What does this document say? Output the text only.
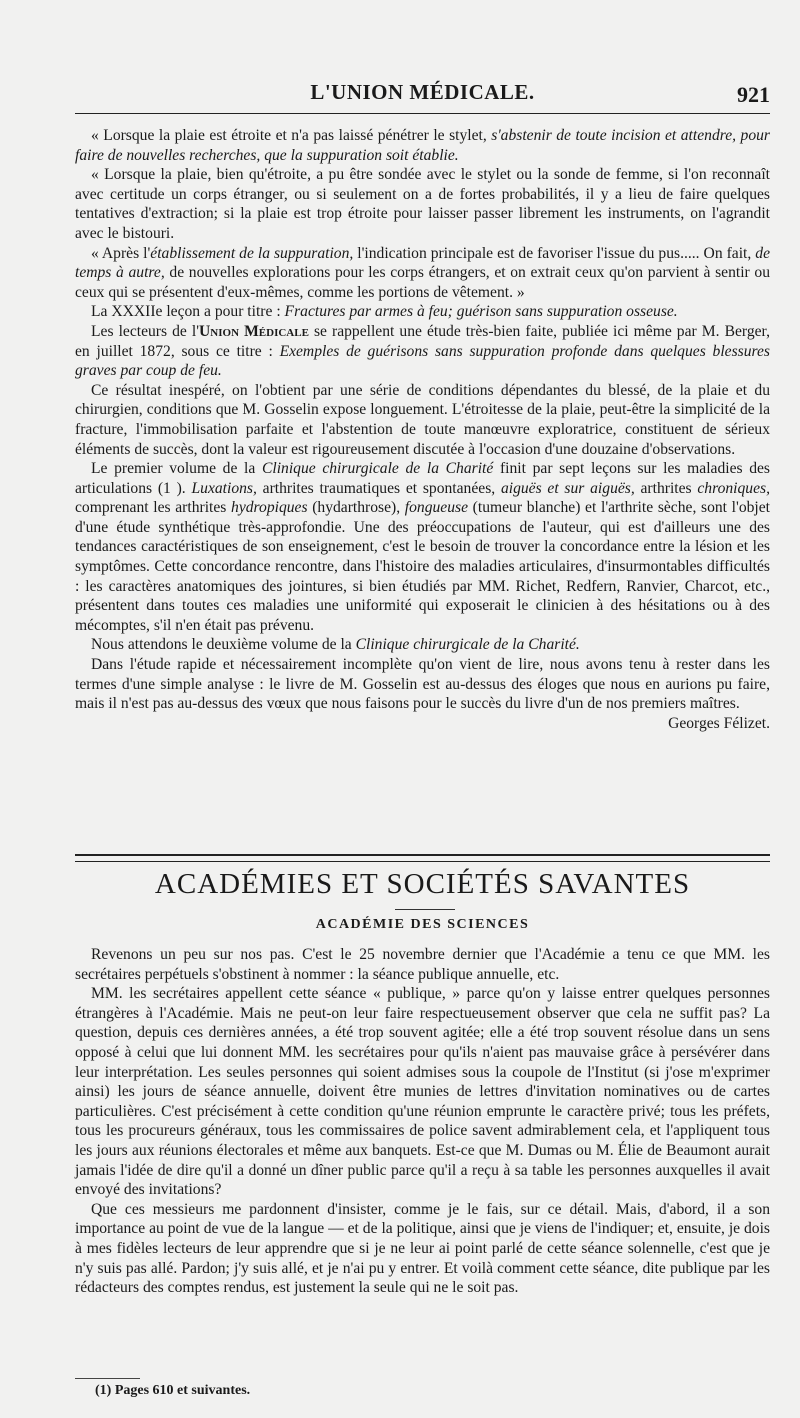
L'UNION MÉDICALE.	921

« Lorsque la plaie est étroite et n'a pas laissé pénétrer le stylet, s'abstenir de toute incision et attendre, pour faire de nouvelles recherches, que la suppuration soit établie.

« Lorsque la plaie, bien qu'étroite, a pu être sondée avec le stylet ou la sonde de femme, si l'on reconnaît avec certitude un corps étranger, ou si seulement on a de fortes probabilités, il y a lieu de faire quelques tentatives d'extraction; si la plaie est trop étroite pour laisser passer librement les instruments, on l'agrandit avec le bistouri.

« Après l'établissement de la suppuration, l'indication principale est de favoriser l'issue du pus..... On fait, de temps à autre, de nouvelles explorations pour les corps étrangers, et on extrait ceux qu'on parvient à sentir ou ceux qui se présentent d'eux-mêmes, comme les portions de vêtement. »

La XXXIIe leçon a pour titre : Fractures par armes à feu; guérison sans suppuration osseuse.

Les lecteurs de l'Union Médicale se rappellent une étude très-bien faite, publiée ici même par M. Berger, en juillet 1872, sous ce titre : Exemples de guérisons sans suppuration profonde dans quelques blessures graves par coup de feu.

Ce résultat inespéré, on l'obtient par une série de conditions dépendantes du blessé, de la plaie et du chirurgien, conditions que M. Gosselin expose longuement. L'étroitesse de la plaie, peut-être la simplicité de la fracture, l'immobilisation parfaite et l'abstention de toute manœuvre exploratrice, constituent de sérieux éléments de succès, dont la valeur est rigoureusement discutée à l'occasion d'une douzaine d'observations.

Le premier volume de la Clinique chirurgicale de la Charité finit par sept leçons sur les maladies des articulations (1 ). Luxations, arthrites traumatiques et spontanées, aiguës et sur aiguës, arthrites chroniques, comprenant les arthrites hydropiques (hydarthrose), fongueuse (tumeur blanche) et l'arthrite sèche, sont l'objet d'une étude synthétique très-approfondie. Une des préoccupations de l'auteur, qui est d'ailleurs une des tendances caractéristiques de son enseignement, c'est le besoin de trouver la concordance entre la lésion et les symptômes. Cette concordance rencontre, dans l'histoire des maladies articulaires, d'insurmontables difficultés : les caractères anatomiques des jointures, si bien étudiés par MM. Richet, Redfern, Ranvier, Charcot, etc., présentent dans toutes ces maladies une uniformité qui exposerait le clinicien à des hésitations ou à des mécomptes, s'il n'en était pas prévenu.

Nous attendons le deuxième volume de la Clinique chirurgicale de la Charité.

Dans l'étude rapide et nécessairement incomplète qu'on vient de lire, nous avons tenu à rester dans les termes d'une simple analyse : le livre de M. Gosselin est au-dessus des éloges que nous en aurions pu faire, mais il n'est pas au-dessus des vœux que nous faisons pour le succès du livre d'un de nos premiers maîtres.
Georges Félizet.

ACADÉMIES ET SOCIÉTÉS SAVANTES
ACADÉMIE DES SCIENCES

Revenons un peu sur nos pas. C'est le 25 novembre dernier que l'Académie a tenu ce que MM. les secrétaires perpétuels s'obstinent à nommer : la séance publique annuelle, etc.

MM. les secrétaires appellent cette séance « publique, » parce qu'on y laisse entrer quelques personnes étrangères à l'Académie. Mais ne peut-on leur faire respectueusement observer que cela ne suffit pas? La question, depuis ces dernières années, a été trop souvent agitée; elle a été trop souvent résolue dans un sens opposé à celui que lui donnent MM. les secrétaires pour qu'ils n'aient pas mauvaise grâce à persévérer dans leur interprétation. Les seules personnes qui soient admises sous la coupole de l'Institut (si j'ose m'exprimer ainsi) les jours de séance annuelle, doivent être munies de lettres d'invitation nominatives ou de cartes particulières. C'est précisément à cette condition qu'une réunion emprunte le caractère privé; tous les préfets, tous les procureurs généraux, tous les commissaires de police savent admirablement cela, et l'appliquent tous les jours aux réunions électorales et même aux banquets. Est-ce que M. Dumas ou M. Élie de Beaumont aurait jamais l'idée de dire qu'il a donné un dîner public parce qu'il a reçu à sa table les personnes auxquelles il avait envoyé des invitations?

Que ces messieurs me pardonnent d'insister, comme je le fais, sur ce détail. Mais, d'abord, il a son importance au point de vue de la langue — et de la politique, ainsi que je viens de l'indiquer; et, ensuite, je dois à mes fidèles lecteurs de leur apprendre que si je ne leur ai point parlé de cette séance solennelle, c'est que je n'y suis pas allé. Pardon; j'y suis allé, et je n'ai pu y entrer. Et voilà comment cette séance, dite publique par les rédacteurs des comptes rendus, est justement la seule qui ne le soit pas.

(1) Pages 610 et suivantes.
